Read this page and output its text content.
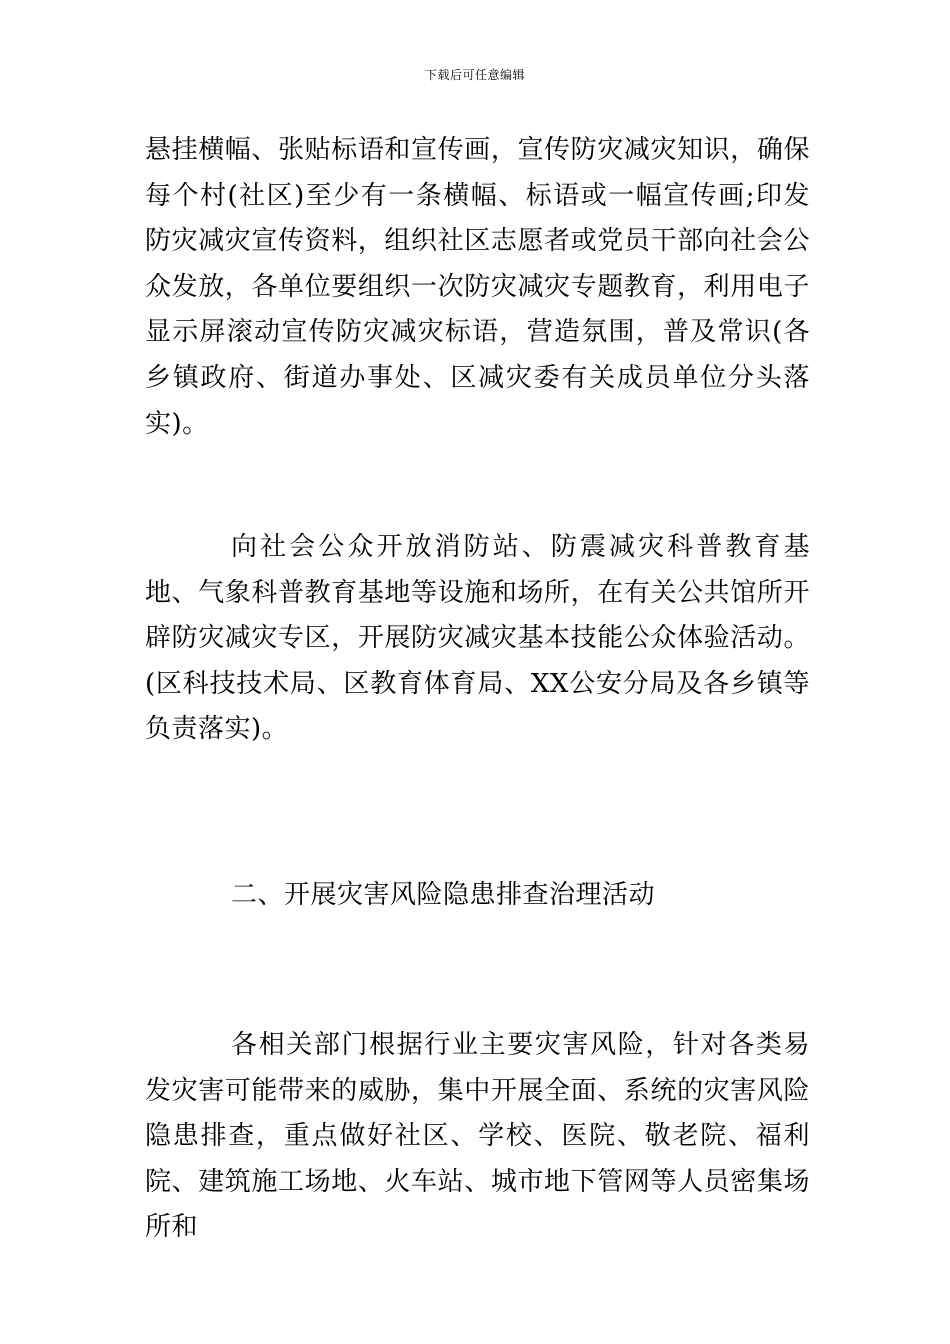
下载后可任意编辑

悬挂横幅、张贴标语和宣传画，宣传防灾减灾知识，确保每个村(社区)至少有一条横幅、标语或一幅宣传画;印发防灾减灾宣传资料，组织社区志愿者或党员干部向社会公众发放，各单位要组织一次防灾减灾专题教育，利用电子显示屏滚动宣传防灾减灾标语，营造氛围，普及常识(各乡镇政府、街道办事处、区减灾委有关成员单位分头落实)。

向社会公众开放消防站、防震减灾科普教育基地、气象科普教育基地等设施和场所，在有关公共馆所开辟防灾减灾专区，开展防灾减灾基本技能公众体验活动。(区科技技术局、区教育体育局、XX公安分局及各乡镇等负责落实)。

二、开展灾害风险隐患排查治理活动

各相关部门根据行业主要灾害风险，针对各类易发灾害可能带来的威胁，集中开展全面、系统的灾害风险隐患排查，重点做好社区、学校、医院、敬老院、福利院、建筑施工场地、火车站、城市地下管网等人员密集场所和
